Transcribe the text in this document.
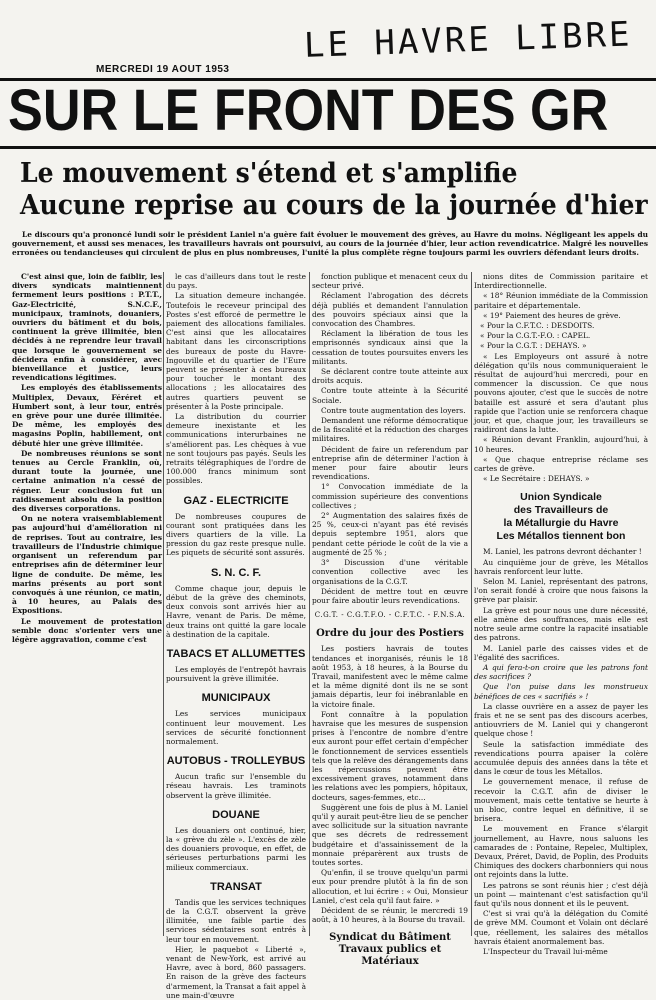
LE HAVRE LIBRE
MERCREDI 19 AOUT 1953
SUR LE FRONT DES GR
Le mouvement s'étend et s'amplifie
Aucune reprise au cours de la journée d'hier

Le discours qu'a prononcé lundi soir le président Laniel n'a guère fait évoluer le mouvement des grèves, au Havre du moins. Négligeant les appels du gouvernement, et aussi ses menaces, les travailleurs havrais ont poursuivi, au cours de la journée d'hier, leur action revendicatrice. Malgré les nouvelles erronées ou tendancieuses qui circulent de plus en plus nombreuses, l'unité la plus complète règne toujours parmi les ouvriers défendant leurs droits.

C'est ainsi que, loin de faiblir, les divers syndicats maintiennent fermement leurs positions : P.T.T., Gaz-Electricité, S.N.C.F., municipaux, traminots, douaniers, ouvriers du bâtiment et du bois, continuent la grève illimitée, bien décidés à ne reprendre leur travail que lorsque le gouvernement se décidera enfin à considérer, avec bienveillance et justice, leurs revendications légitimes.

Les employés des établissements Multiplex, Devaux, Féréret et Humbert sont, à leur tour, entrés en grève pour une durée illimitée. De même, les employés des magasins Poplin, habillement, ont débuté hier une grève illimitée.

De nombreuses réunions se sont tenues au Cercle Franklin, où, durant toute la journée, une certaine animation n'a cessé de régner. Leur conclusion fut un raidissement absolu de la position des diverses corporations.

On ne notera vraisemblablement pas aujourd'hui d'amélioration ni de reprises. Tout au contraire, les travailleurs de l'Industrie chimique organisent un referendum par entreprises afin de déterminer leur ligne de conduite. De même, les marins présents au port sont convoqués à une réunion, ce matin, à 10 heures, au Palais des Expositions.

Le mouvement de protestation semble donc s'orienter vers une légère aggravation, comme c'est

le cas d'ailleurs dans tout le reste du pays.

La situation demeure inchangée. Toutefois le receveur principal des Postes s'est efforcé de permettre le paiement des allocations familiales. C'est ainsi que les allocataires habitant dans les circonscriptions des bureaux de poste du Havre-Ingouville et du quartier de l'Eure peuvent se présenter à ces bureaux pour toucher le montant des allocations ; les allocataires des autres quartiers peuvent se présenter à la Poste principale.

La distribution du courrier demeure inexistante et les communications interurbaines ne s'améliorent pas. Les chèques à vue ne sont toujours pas payés. Seuls les retraits télégraphiques de l'ordre de 100.000 francs minimum sont possibles.

GAZ - ELECTRICITE

De nombreuses coupures de courant sont pratiquées dans les divers quartiers de la ville. La pression du gaz reste presque nulle. Les piquets de sécurité sont assurés.

S. N. C. F.

Comme chaque jour, depuis le début de la grève des cheminots, deux convois sont arrivés hier au Havre, venant de Paris. De même, deux trains ont quitté la gare locale à destination de la capitale.

TABACS ET ALLUMETTES

Les employés de l'entrepôt havrais poursuivent la grève illimitée.

MUNICIPAUX

Les services municipaux continuent leur mouvement. Les services de sécurité fonctionnent normalement.

AUTOBUS - TROLLEYBUS

Aucun trafic sur l'ensemble du réseau havrais. Les traminots observent la grève illimitée.

DOUANE

Les douaniers ont continué, hier, la « grève du zèle ». L'excès de zèle des douaniers provoque, en effet, de sérieuses perturbations parmi les milieux commerciaux.

TRANSAT

Tandis que les services techniques de la C.G.T. observent la grève illimitée, une faible partie des services sédentaires sont entrés à leur tour en mouvement.

Hier, le paquebot « Liberté », venant de New-York, est arrivé au Havre, avec à bord, 860 passagers. En raison de la grève des facteurs d'armement, la Transat a fait appel à une main-d'œuvre

fonction publique et menacent ceux du secteur privé.

Réclament l'abrogation des décrets déjà publiés et demandent l'annulation des pouvoirs spéciaux ainsi que la convocation des Chambres.

Réclament la libération de tous les emprisonnés syndicaux ainsi que la cessation de toutes poursuites envers les militants.

Se déclarent contre toute atteinte aux droits acquis.

Contre toute atteinte à la Sécurité Sociale.

Contre toute augmentation des loyers.

Demandent une réforme démocratique de la fiscalité et la réduction des charges militaires.

Décident de faire un referendum par entreprise afin de déterminer l'action à mener pour faire aboutir leurs revendications.

1° Convocation immédiate de la commission supérieure des conventions collectives ;

2° Augmentation des salaires fixés de 25 %, ceux-ci n'ayant pas été revisés depuis septembre 1951, alors que pendant cette période le coût de la vie a augmenté de 25 % ;

3° Discussion d'une véritable convention collective avec les organisations de la C.G.T.

Décident de mettre tout en œuvre pour faire aboutir leurs revendications.

C.G.T. - C.G.T.F.O. - C.F.T.C. - F.N.S.A.
Ordre du jour des Postiers

Les postiers havrais de toutes tendances et inorganisés, réunis le 18 août 1953, à 18 heures, à la Bourse du Travail, manifestent avec le même calme et la même dignité dont ils ne se sont jamais départis, leur foi inébranlable en la victoire finale.

Font connaître à la population havraise que les mesures de suspension prises à l'encontre de nombre d'entre eux auront pour effet certain d'empêcher le fonctionnement de services essentiels tels que la relève des dérangements dans les répercussions peuvent être excessivement graves, notamment dans les relations avec les pompiers, hôpitaux, docteurs, sages-femmes, etc...

Suggèrent une fois de plus à M. Laniel qu'il y aurait peut-être lieu de se pencher avec sollicitude sur la situation navrante que ses décrets de redressement budgétaire et d'assainissement de la monnaie préparèrent aux trusts de toutes sortes.

Qu'enfin, il se trouve quelqu'un parmi eux pour prendre plutôt à la fin de son allocution, et lui écrire : « Oui, Monsieur Laniel, c'est cela qu'il faut faire. »

Décident de se réunir, le mercredi 19 août, à 10 heures, à la Bourse du travail.

Syndicat du Bâtiment Travaux publics et Matériaux

nions dites de Commission paritaire et Interdirectionnelle.

« 18° Réunion immédiate de la Commission paritaire et départementale.

« 19° Paiement des heures de grève.

« Pour la C.F.T.C. : DESDOITS.

« Pour la C.G.T.-F.O. : CAPEL.

« Pour la C.G.T. : DEHAYS. »

« Les Employeurs ont assuré à notre délégation qu'ils nous communiqueraient le résultat de aujourd'hui mercredi, pour en commencer la discussion. Ce que nous pouvons ajouter, c'est que le succès de notre bataille est assuré et sera d'autant plus rapide que l'action unie se renforcera chaque jour, et que, chaque jour, les travailleurs se raidiront dans la lutte.

« Réunion devant Franklin, aujourd'hui, à 10 heures.

« Que chaque entreprise réclame ses cartes de grève.

« Le Secrétaire : DEHAYS. »

Union Syndicale
des Travailleurs de
la Métallurgie du Havre
Les Métallos tiennent bon

M. Laniel, les patrons devront déchanter !

Au cinquième jour de grève, les Métallos havrais renforcent leur lutte.

Selon M. Laniel, représentant des patrons, l'on serait fondé à croire que nous faisons la grève par plaisir.

La grève est pour nous une dure nécessité, elle amène des souffrances, mais elle est notre seule arme contre la rapacité insatiable des patrons.

M. Laniel parle des caisses vides et de l'égalité des sacrifices.

A qui fera-t-on croire que les patrons font des sacrifices ?

Que l'on puise dans les monstrueux bénéfices de ces « sacrifiés » !

La classe ouvrière en a assez de payer les frais et ne se sent pas des discours acerbes, antiouvriers de M. Laniel qui y changeront quelque chose !

Seule la satisfaction immédiate des revendications pourra apaiser la colère accumulée depuis des années dans la tête et dans le cœur de tous les Métallos.

Le gouvernement menace, il refuse de recevoir la C.G.T. afin de diviser le mouvement, mais cette tentative se heurte à un bloc, contre lequel en définitive, il se brisera.

Le mouvement en France s'élargit journellement, au Havre, nous saluons les camarades de : Pontaine, Repelec, Multiplex, Devaux, Préret, David, de Poplin, des Produits Chimiques des dockers charbonniers qui nous ont rejoints dans la lutte.

Les patrons se sont réunis hier ; c'est déjà un point — maintenant c'est satisfaction qu'il faut qu'ils nous donnent et ils le peuvent.

C'est si vrai qu'à la délégation du Comité de grève MM. Coumont et Volain ont déclaré que, réellement, les salaires des métallos havrais étaient anormalement bas.

L'Inspecteur du Travail lui-même
